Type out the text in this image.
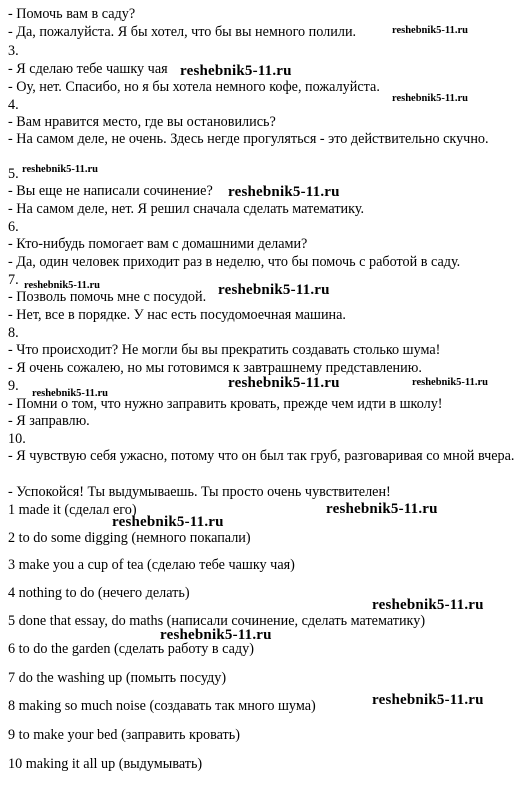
- Помочь вам в саду?
- Да, пожалуйста. Я бы хотел, что бы вы немного полили.
3.
- Я сделаю тебе чашку чая
- Оу, нет. Спасибо, но я бы хотела немного кофе, пожалуйста.
4.
- Вам нравится место, где вы остановились?
- На самом деле, не очень. Здесь негде прогуляться - это действительно скучно.
5.
- Вы еще не написали сочинение?
- На самом деле, нет. Я решил сначала сделать математику.
6.
- Кто-нибудь помогает вам с домашними делами?
- Да, один человек приходит раз в неделю, что бы помочь с работой в саду.
7.
- Позволь помочь мне с посудой.
- Нет, все в порядке. У нас есть посудомоечная машина.
8.
- Что происходит? Не могли бы вы прекратить создавать столько шума!
- Я очень сожалею, но мы готовимся к завтрашнему представлению.
9.
- Помни о том, что нужно заправить кровать, прежде чем идти в школу!
- Я заправлю.
10.
- Я чувствую себя ужасно, потому что он был так груб, разговаривая со мной вчера.
- Успокойся! Ты выдумываешь. Ты просто очень чувствителен!
1 made it (сделал его)
2 to do some digging (немного покапали)
3 make you a cup of tea (сделаю тебе чашку чая)
4 nothing to do (нечего делать)
5 done that essay, do maths (написали сочинение, сделать математику)
6 to do the garden (сделать работу в саду)
7 do the washing up (помыть посуду)
8 making so much noise (создавать так много шума)
9 to make your bed (заправить кровать)
10 making it all up (выдумывать)
reshebnik5-11.ru
reshebnik5-11.ru
reshebnik5-11.ru
reshebnik5-11.ru
reshebnik5-11.ru
reshebnik5-11.ru	reshebnik5-11.ru
reshebnik5-11.ru	reshebnik5-11.ru
reshebnik5-11.ru
reshebnik5-11.ru
reshebnik5-11.ru
reshebnik5-11.ru
reshebnik5-11.ru
reshebnik5-11.ru
